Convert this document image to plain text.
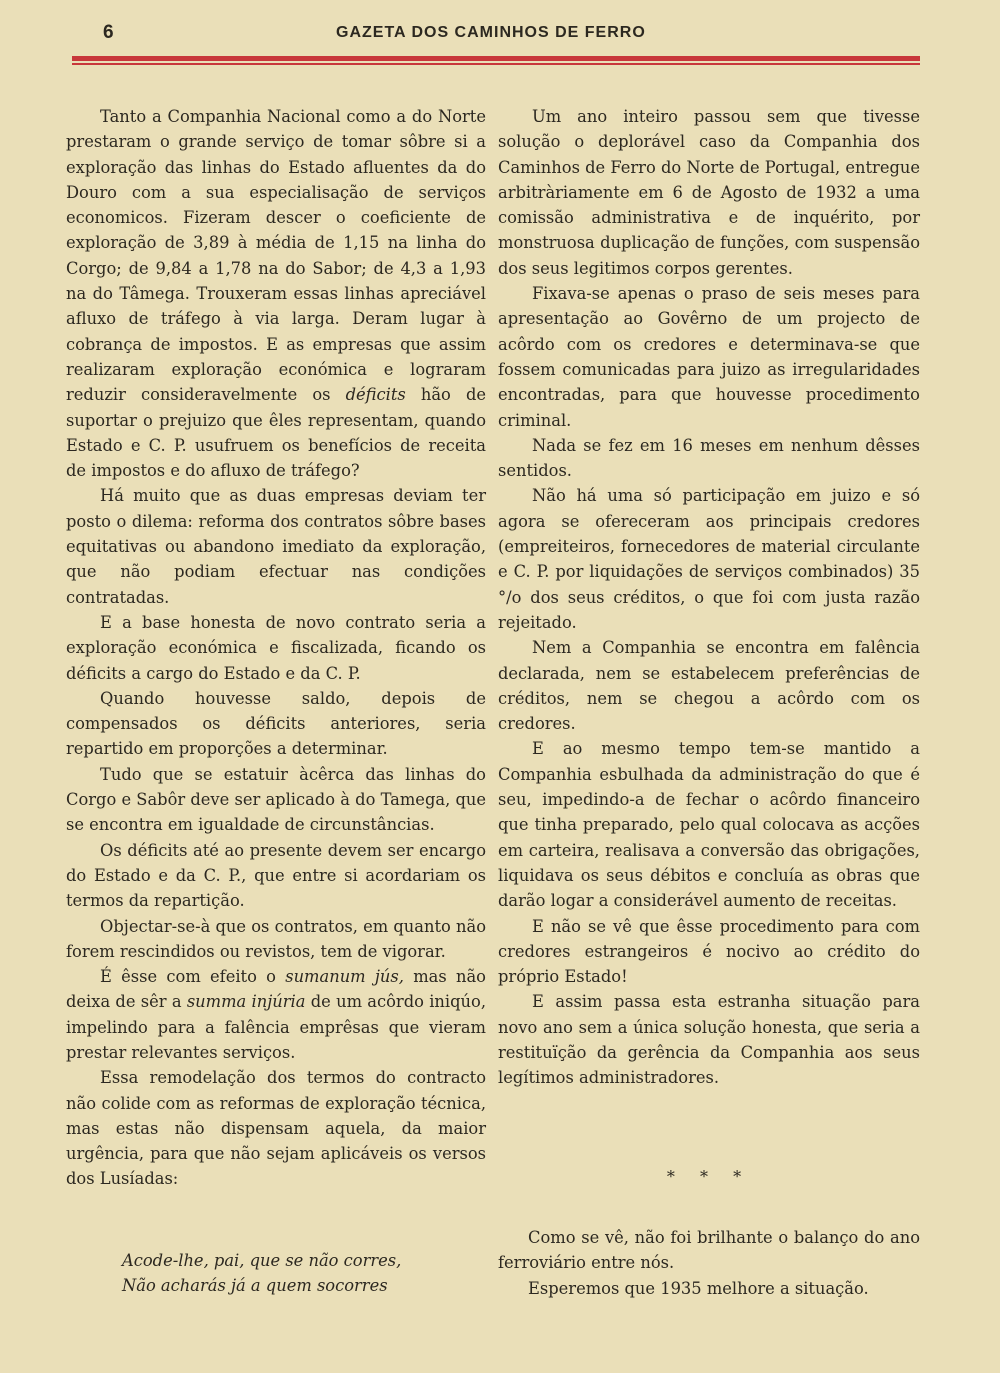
6	GAZETA DOS CAMINHOS DE FERRO

Tanto a Companhia Nacional como a do Norte prestaram o grande serviço de tomar sôbre si a exploração das linhas do Estado afluentes da do Douro com a sua especialisação de serviços economicos. Fizeram descer o coeficiente de exploração de 3,89 à média de 1,15 na linha do Corgo; de 9,84 a 1,78 na do Sabor; de 4,3 a 1,93 na do Tâmega. Trouxeram essas linhas apreciável afluxo de tráfego à via larga. Deram lugar à cobrança de impostos. E as empresas que assim realizaram exploração económica e lograram reduzir consideravelmente os déficits hão de suportar o prejuizo que êles representam, quando Estado e C. P. usufruem os benefícios de receita de impostos e do afluxo de tráfego?

Há muito que as duas empresas deviam ter posto o dilema: reforma dos contratos sôbre bases equitativas ou abandono imediato da exploração, que não podiam efectuar nas condições contratadas.

E a base honesta de novo contrato seria a exploração económica e fiscalizada, ficando os déficits a cargo do Estado e da C. P.

Quando houvesse saldo, depois de compensados os déficits anteriores, seria repartido em proporções a determinar.

Tudo que se estatuir àcêrca das linhas do Corgo e Sabôr deve ser aplicado à do Tamega, que se encontra em igualdade de circunstâncias.

Os déficits até ao presente devem ser encargo do Estado e da C. P., que entre si acordariam os termos da repartição.

Objectar-se-à que os contratos, em quanto não forem rescindidos ou revistos, tem de vigorar.

É êsse com efeito o sumanum jús, mas não deixa de sêr a summa injúria de um acôrdo iniqúo, impelindo para a falência emprêsas que vieram prestar relevantes serviços.

Essa remodelação dos termos do contracto não colide com as reformas de exploração técnica, mas estas não dispensam aquela, da maior urgência, para que não sejam aplicáveis os versos dos Lusíadas:

Acode-lhe, pai, que se não corres,
Não acharás já a quem socorres

Um ano inteiro passou sem que tivesse solução o deplorável caso da Companhia dos Caminhos de Ferro do Norte de Portugal, entregue arbitràriamente em 6 de Agosto de 1932 a uma comissão administrativa e de inquérito, por monstruosa duplicação de funções, com suspensão dos seus legitimos corpos gerentes.

Fixava-se apenas o praso de seis meses para apresentação ao Govêrno de um projecto de acôrdo com os credores e determinava-se que fossem comunicadas para juizo as irregularidades encontradas, para que houvesse procedimento criminal.

Nada se fez em 16 meses em nenhum dêsses sentidos.

Não há uma só participação em juizo e só agora se ofereceram aos principais credores (empreiteiros, fornecedores de material circulante e C. P. por liquidações de serviços combinados) 35 °/o dos seus créditos, o que foi com justa razão rejeitado.

Nem a Companhia se encontra em falência declarada, nem se estabelecem preferências de créditos, nem se chegou a acôrdo com os credores.

E ao mesmo tempo tem-se mantido a Companhia esbulhada da administração do que é seu, impedindo-a de fechar o acôrdo financeiro que tinha preparado, pelo qual colocava as acções em carteira, realisava a conversão das obrigações, liquidava os seus débitos e concluía as obras que darão logar a considerável aumento de receitas.

E não se vê que êsse procedimento para com credores estrangeiros é nocivo ao crédito do próprio Estado!

E assim passa esta estranha situação para novo ano sem a única solução honesta, que seria a restituïção da gerência da Companhia aos seus legítimos administradores.

* * *

Como se vê, não foi brilhante o balanço do ano ferroviário entre nós.

Esperemos que 1935 melhore a situação.
